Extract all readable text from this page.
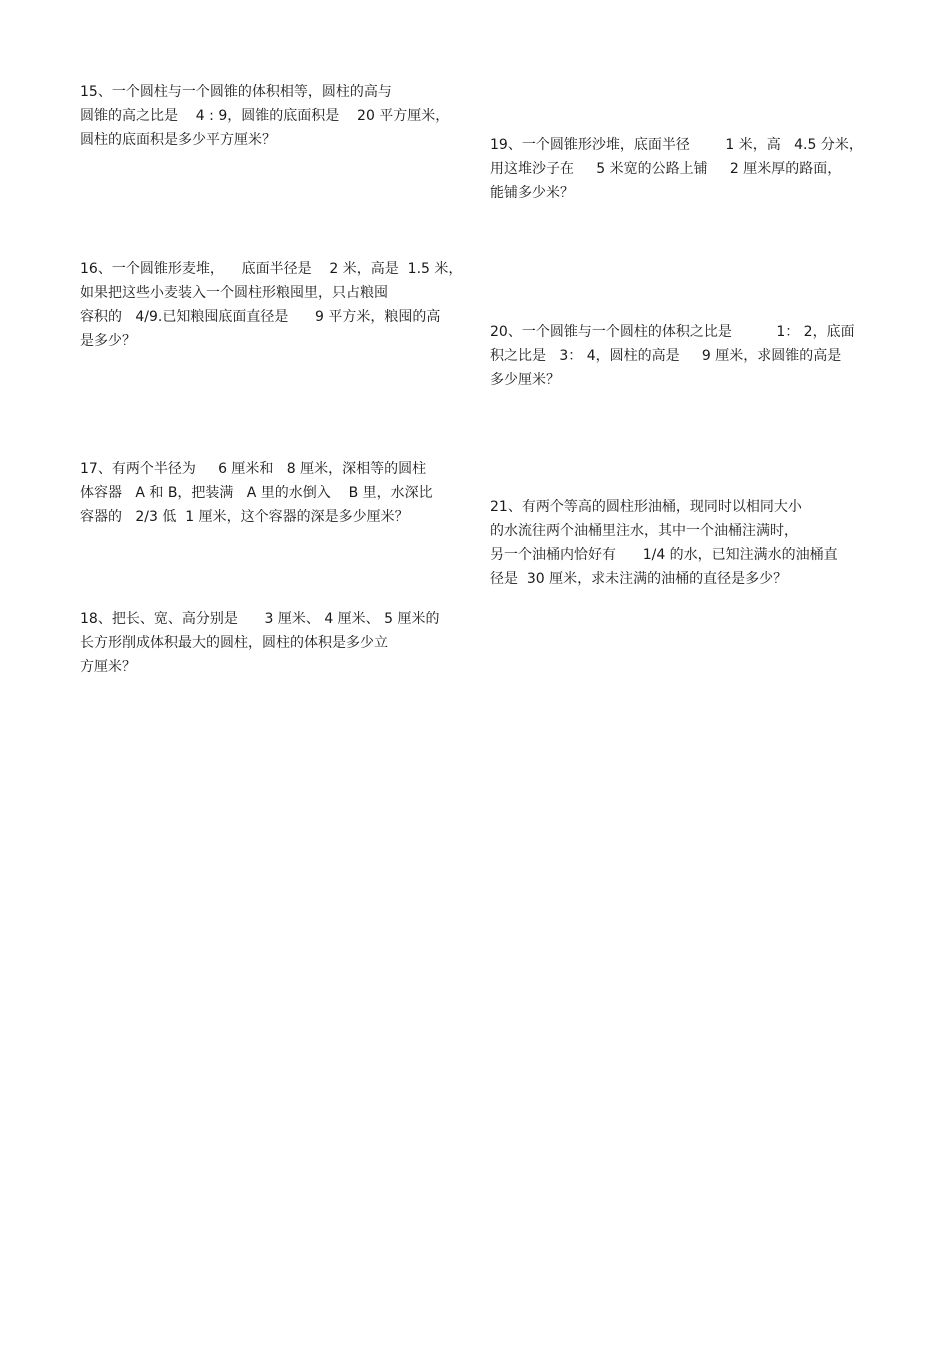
15、一个圆柱与一个圆锥的体积相等，圆柱的高与
圆锥的高之比是    4 : 9，圆锥的底面积是    20 平方厘米，
圆柱的底面积是多少平方厘米？
16、一个圆锥形麦堆，    底面半径是    2 米，高是  1.5 米，
如果把这些小麦装入一个圆柱形粮囤里，只占粮囤
容积的   4/9.已知粮囤底面直径是      9 平方米，粮囤的高
是多少？
17、有两个半径为     6 厘米和   8 厘米，深相等的圆柱
体容器   A 和 B，把装满   A 里的水倒入    B 里，水深比
容器的   2/3 低  1 厘米，这个容器的深是多少厘米？
18、把长、宽、高分别是      3 厘米、 4 厘米、 5 厘米的
长方形削成体积最大的圆柱，圆柱的体积是多少立
方厘米？
19、一个圆锥形沙堆，底面半径        1 米，高   4.5 分米，
用这堆沙子在     5 米宽的公路上铺     2 厘米厚的路面，
能铺多少米？
20、一个圆锥与一个圆柱的体积之比是          1： 2，底面
积之比是   3： 4，圆柱的高是     9 厘米，求圆锥的高是
多少厘米？
21、有两个等高的圆柱形油桶，现同时以相同大小
的水流往两个油桶里注水，其中一个油桶注满时，
另一个油桶内恰好有      1/4 的水，已知注满水的油桶直
径是  30 厘米，求未注满的油桶的直径是多少？
